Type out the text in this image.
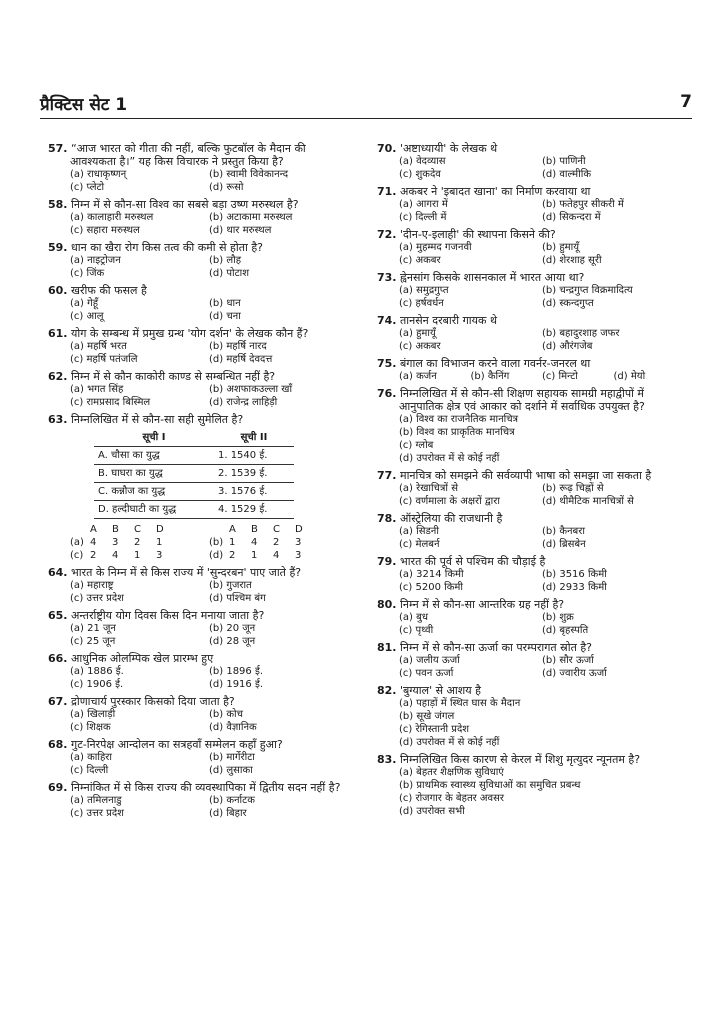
प्रैक्टिस सेट 1	7
57. “आज भारत को गीता की नहीं, बल्कि फुटबॉल के मैदान की आवश्यकता है।” यह किस विचारक ने प्रस्तुत किया है?
(a) राधाकृष्णन्	(b) स्वामी विवेकानन्द
(c) प्लेटो	(d) रूसो
58. निम्न में से कौन-सा विश्व का सबसे बड़ा उष्ण मरुस्थल है?
(a) कालाहारी मरुस्थल	(b) अटाकामा मरुस्थल
(c) सहारा मरुस्थल	(d) थार मरुस्थल
59. धान का खैरा रोग किस तत्व की कमी से होता है?
(a) नाइट्रोजन	(b) लौह
(c) जिंक	(d) पोटाश
60. खरीफ की फसल है
(a) गेहूँ	(b) धान
(c) आलू	(d) चना
61. योग के सम्बन्ध में प्रमुख ग्रन्थ 'योग दर्शन' के लेखक कौन हैं?
(a) महर्षि भरत	(b) महर्षि नारद
(c) महर्षि पतंजलि	(d) महर्षि देवदत्त
62. निम्न में से कौन काकोरी काण्ड से सम्बन्धित नहीं है?
(a) भगत सिंह	(b) अशफाकउल्ला खाँ
(c) रामप्रसाद बिस्मिल	(d) राजेन्द्र लाहिड़ी
63. निम्नलिखित में से कौन-सा सही सुमेलित है?
सूची I	सूची II
A. चौसा का युद्ध	1. 1540 ई.
B. घाघरा का युद्ध	2. 1539 ई.
C. कन्नौज का युद्ध	3. 1576 ई.
D. हल्दीघाटी का युद्ध	4. 1529 ई.
A	B	C	D
(a) 4	3	2	1
(c) 2	4	1	3
A	B	C	D
(b) 1	4	2	3
(d) 2	1	4	3
64. भारत के निम्न में से किस राज्य में 'सुन्दरबन' पाए जाते हैं?
(a) महाराष्ट्र	(b) गुजरात
(c) उत्तर प्रदेश	(d) पश्चिम बंग
65. अन्तर्राष्ट्रीय योग दिवस किस दिन मनाया जाता है?
(a) 21 जून	(b) 20 जून
(c) 25 जून	(d) 28 जून
66. आधुनिक ओलम्पिक खेल प्रारम्भ हुए
(a) 1886 ई.	(b) 1896 ई.
(c) 1906 ई.	(d) 1916 ई.
67. द्रोणाचार्य पुरस्कार किसको दिया जाता है?
(a) खिलाड़ी	(b) कोच
(c) शिक्षक	(d) वैज्ञानिक
68. गुट-निरपेक्ष आन्दोलन का सत्रहवाँ सम्मेलन कहाँ हुआ?
(a) काहिरा	(b) मार्गेरीटा
(c) दिल्ली	(d) लुसाका
69. निम्नांकित में से किस राज्य की व्यवस्थापिका में द्वितीय सदन नहीं है?
(a) तमिलनाडु	(b) कर्नाटक
(c) उत्तर प्रदेश	(d) बिहार
70. 'अष्टाध्यायी' के लेखक थे
(a) वेदव्यास	(b) पाणिनी
(c) शुकदेव	(d) वाल्मीकि
71. अकबर ने 'इबादत खाना' का निर्माण करवाया था
(a) आगरा में	(b) फतेहपुर सीकरी में
(c) दिल्ली में	(d) सिकन्दरा में
72. 'दीन-ए-इलाही' की स्थापना किसने की?
(a) मुहम्मद गजनवी	(b) हुमायूँ
(c) अकबर	(d) शेरशाह सूरी
73. ह्वेनसांग किसके शासनकाल में भारत आया था?
(a) समुद्रगुप्त	(b) चन्द्रगुप्त विक्रमादित्य
(c) हर्षवर्धन	(d) स्कन्दगुप्त
74. तानसेन दरबारी गायक थे
(a) हुमायूँ	(b) बहादुरशाह जफर
(c) अकबर	(d) औरंगजेब
75. बंगाल का विभाजन करने वाला गवर्नर-जनरल था
(a) कर्जन	(b) कैनिंग	(c) मिन्टो	(d) मेयो
76. निम्नलिखित में से कौन-सी शिक्षण सहायक सामग्री महाद्वीपों में आनुपातिक क्षेत्र एवं आकार को दर्शाने में सर्वाधिक उपयुक्त है?
(a) विश्व का राजनैतिक मानचित्र
(b) विश्व का प्राकृतिक मानचित्र
(c) ग्लोब
(d) उपरोक्त में से कोई नहीं
77. मानचित्र को समझने की सर्वव्यापी भाषा को समझा जा सकता है
(a) रेखाचित्रों से	(b) रूढ़ चिह्नों से
(c) वर्णमाला के अक्षरों द्वारा	(d) थीमैटिक मानचित्रों से
78. ऑस्ट्रेलिया की राजधानी है
(a) सिडनी	(b) कैनबरा
(c) मेलबर्न	(d) ब्रिसबेन
79. भारत की पूर्व से पश्चिम की चौड़ाई है
(a) 3214 किमी	(b) 3516 किमी
(c) 5200 किमी	(d) 2933 किमी
80. निम्न में से कौन-सा आन्तरिक ग्रह नहीं है?
(a) बुध	(b) शुक्र
(c) पृथ्वी	(d) बृहस्पति
81. निम्न में से कौन-सा ऊर्जा का परम्परागत स्रोत है?
(a) जलीय ऊर्जा	(b) सौर ऊर्जा
(c) पवन ऊर्जा	(d) ज्वारीय ऊर्जा
82. 'बुग्याल' से आशय है
(a) पहाड़ों में स्थित घास के मैदान
(b) सूखे जंगल
(c) रेगिस्तानी प्रदेश
(d) उपरोक्त में से कोई नहीं
83. निम्नलिखित किस कारण से केरल में शिशु मृत्युदर न्यूनतम है?
(a) बेहतर शैक्षणिक सुविधाएं
(b) प्राथमिक स्वास्थ्य सुविधाओं का समुचित प्रबन्ध
(c) रोजगार के बेहतर अवसर
(d) उपरोक्त सभी
